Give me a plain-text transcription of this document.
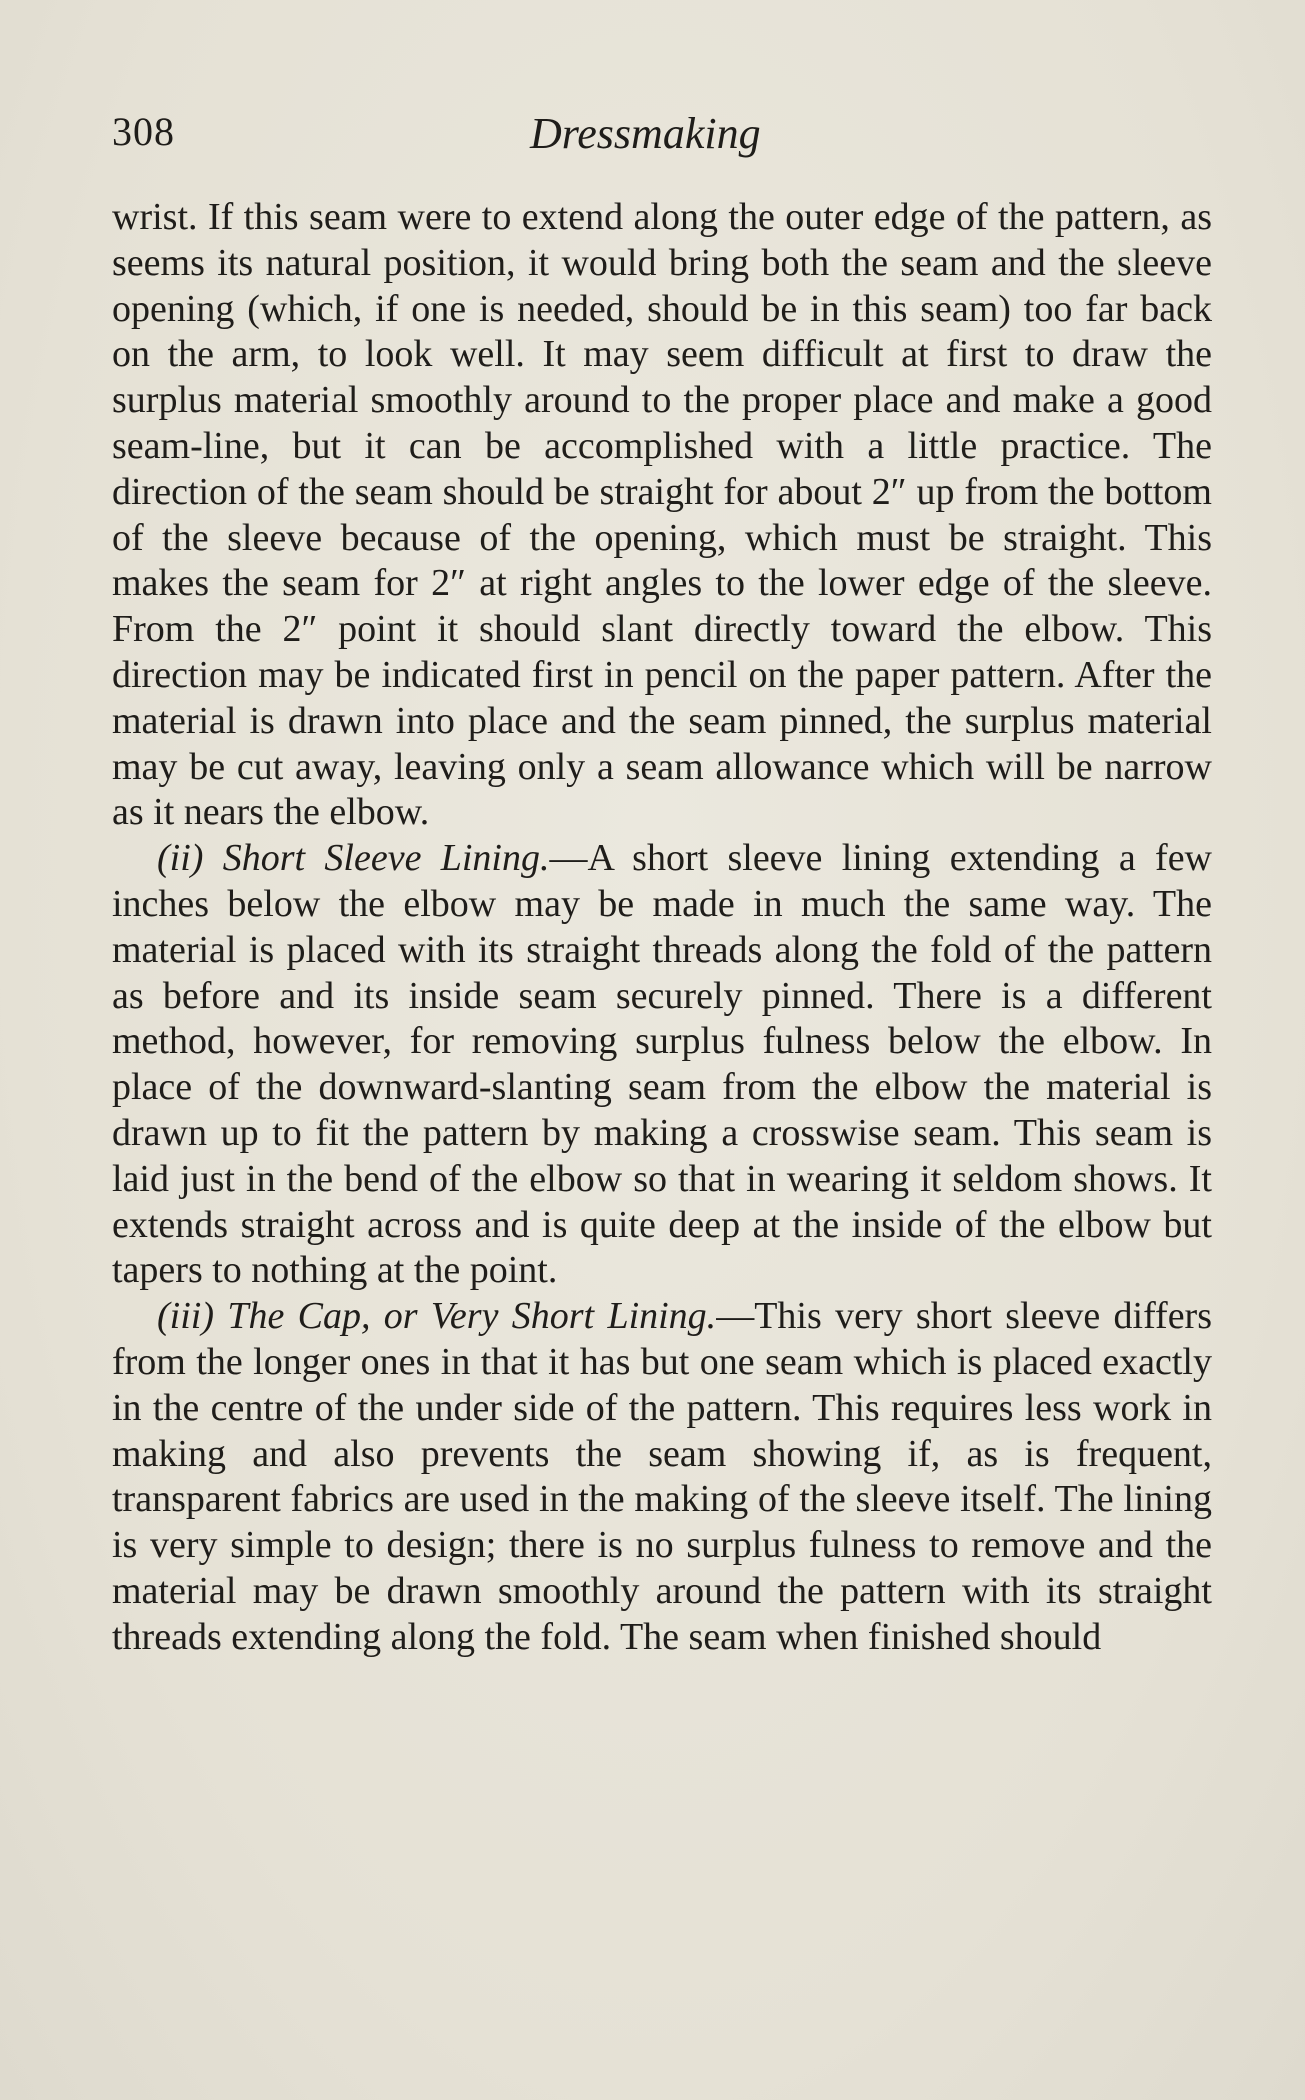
308	Dressmaking

wrist. If this seam were to extend along the outer edge of the pattern, as seems its natural position, it would bring both the seam and the sleeve opening (which, if one is needed, should be in this seam) too far back on the arm, to look well. It may seem difficult at first to draw the surplus material smoothly around to the proper place and make a good seam-line, but it can be accomplished with a little practice. The direction of the seam should be straight for about 2″ up from the bottom of the sleeve because of the opening, which must be straight. This makes the seam for 2″ at right angles to the lower edge of the sleeve. From the 2″ point it should slant directly toward the elbow. This direction may be indicated first in pencil on the paper pattern. After the material is drawn into place and the seam pinned, the surplus material may be cut away, leaving only a seam allowance which will be narrow as it nears the elbow.

(ii) Short Sleeve Lining.—A short sleeve lining extending a few inches below the elbow may be made in much the same way. The material is placed with its straight threads along the fold of the pattern as before and its inside seam securely pinned. There is a different method, however, for removing surplus fulness below the elbow. In place of the downward-slanting seam from the elbow the material is drawn up to fit the pattern by making a crosswise seam. This seam is laid just in the bend of the elbow so that in wearing it seldom shows. It extends straight across and is quite deep at the inside of the elbow but tapers to nothing at the point.

(iii) The Cap, or Very Short Lining.—This very short sleeve differs from the longer ones in that it has but one seam which is placed exactly in the centre of the under side of the pattern. This requires less work in making and also prevents the seam showing if, as is frequent, transparent fabrics are used in the making of the sleeve itself. The lining is very simple to design; there is no surplus fulness to remove and the material may be drawn smoothly around the pattern with its straight threads extending along the fold. The seam when finished should
